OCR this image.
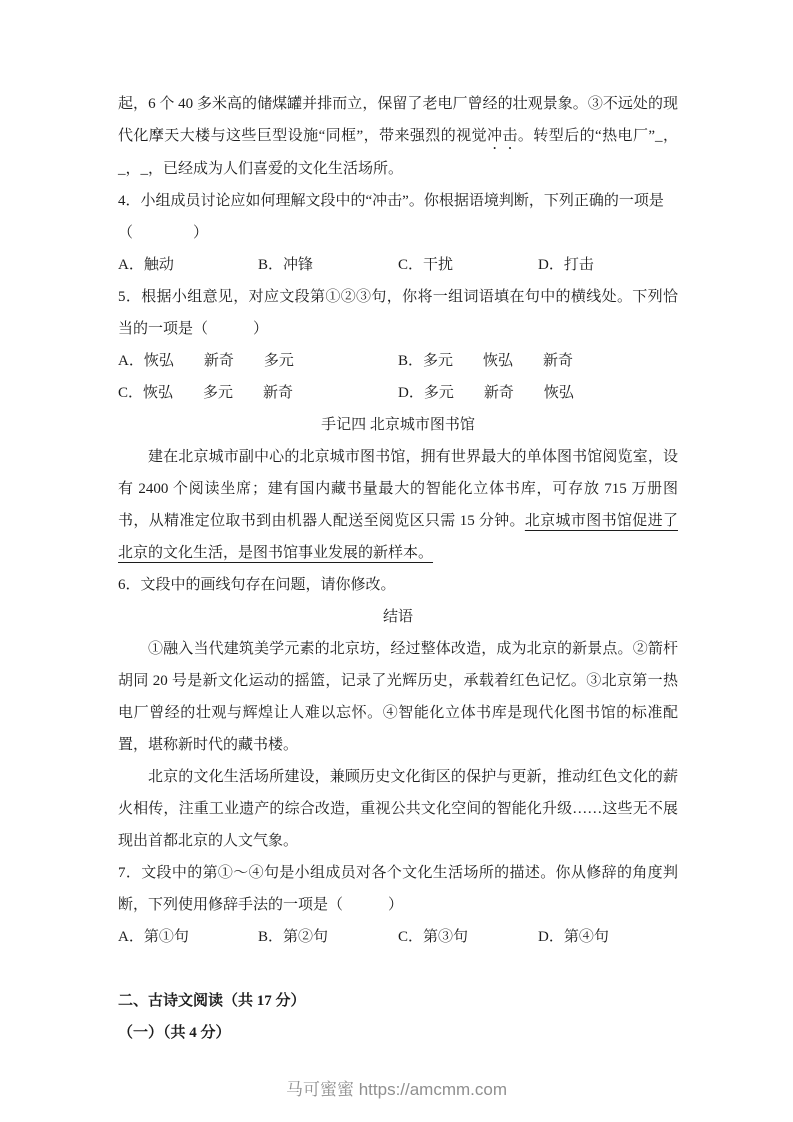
起，6 个 40 多米高的储煤罐并排而立，保留了老电厂曾经的壮观景象。③不远处的现代化摩天大楼与这些巨型设施“同框”，带来强烈的视觉冲击。转型后的“热电厂”_，_，_，已经成为人们喜爱的文化生活场所。

4．小组成员讨论应如何理解文段中的“冲击”。你根据语境判断，下列正确的一项是

（　　　　）

A．触动	B．冲锋	C．干扰	D．打击

5．根据小组意见，对应文段第①②③句，你将一组词语填在句中的横线处。下列恰当的一项是（　　　）

A．恢弘　　新奇　　多元	B．多元　　恢弘　　新奇
C．恢弘　　多元　　新奇	D．多元　　新奇　　恢弘

手记四 北京城市图书馆

建在北京城市副中心的北京城市图书馆，拥有世界最大的单体图书馆阅览室，设有 2400 个阅读坐席；建有国内藏书量最大的智能化立体书库，可存放 715 万册图书，从精准定位取书到由机器人配送至阅览区只需 15 分钟。北京城市图书馆促进了北京的文化生活，是图书馆事业发展的新样本。

6．文段中的画线句存在问题，请你修改。

结语

①融入当代建筑美学元素的北京坊，经过整体改造，成为北京的新景点。②箭杆胡同 20 号是新文化运动的摇篮，记录了光辉历史，承载着红色记忆。③北京第一热电厂曾经的壮观与辉煌让人难以忘怀。④智能化立体书库是现代化图书馆的标准配置，堪称新时代的藏书楼。

北京的文化生活场所建设，兼顾历史文化街区的保护与更新，推动红色文化的薪火相传，注重工业遗产的综合改造，重视公共文化空间的智能化升级……这些无不展现出首都北京的人文气象。

7．文段中的第①～④句是小组成员对各个文化生活场所的描述。你从修辞的角度判断，下列使用修辞手法的一项是（　　　）

A．第①句	B．第②句	C．第③句	D．第④句

二、古诗文阅读（共 17 分）

（一）（共 4 分）

马可蜜蜜 https://amcmm.com
